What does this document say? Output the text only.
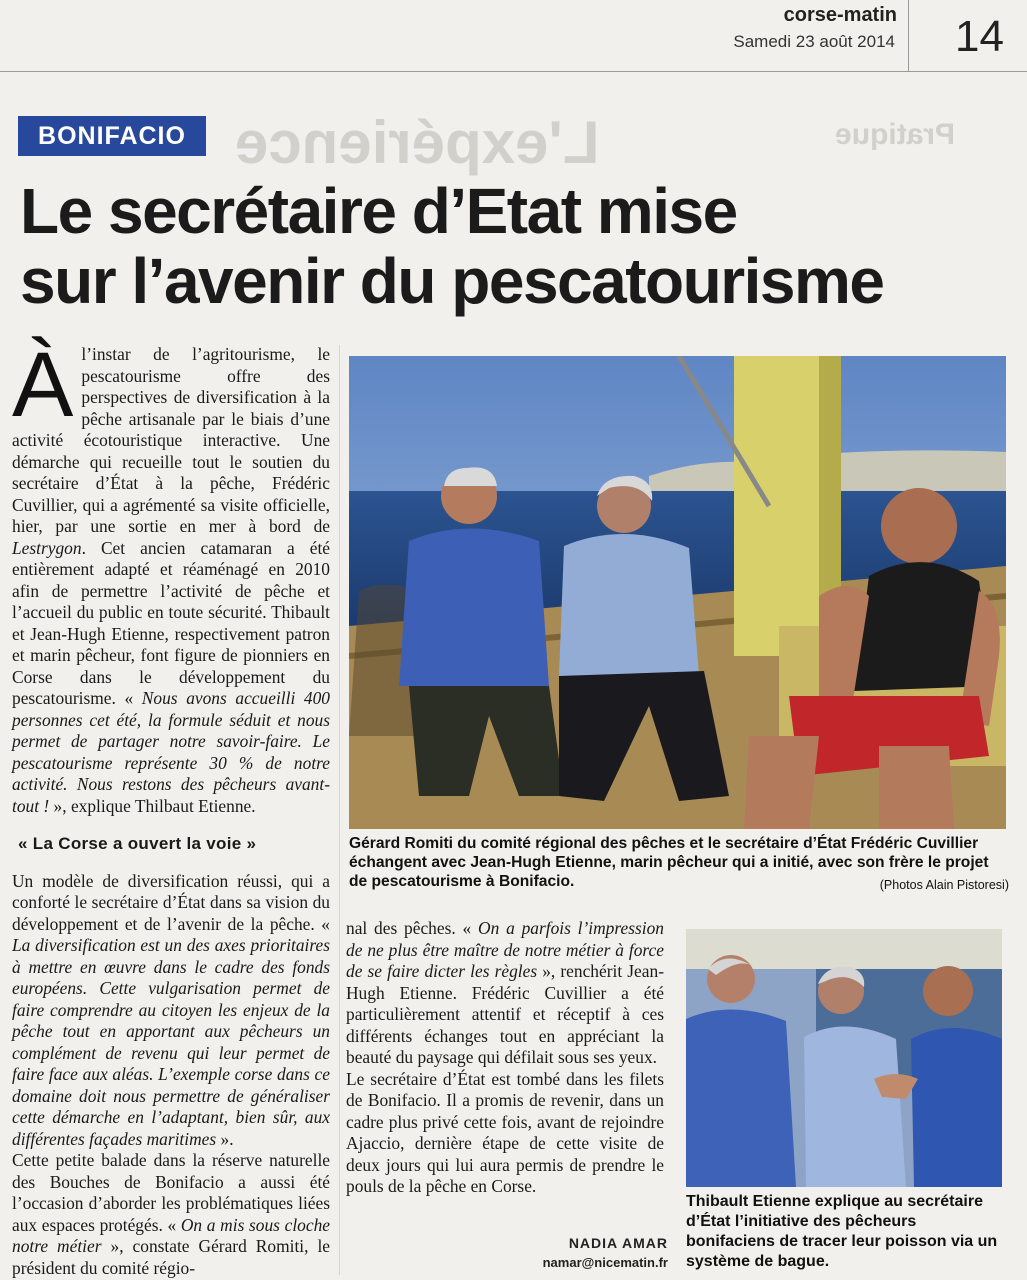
corse-matin
Samedi 23 août 2014 14
L'expérience	Pratique
BONIFACIO
Le secrétaire d’Etat mise
sur l’avenir du pescatourisme

Àl’instar de l’agritourisme, le pescatourisme offre des perspectives de diversification à la pêche artisanale par le biais d’une activité écotouristique interactive. Une démarche qui recueille tout le soutien du secrétaire d’État à la pêche, Frédéric Cuvillier, qui a agrémenté sa visite officielle, hier, par une sortie en mer à bord de Lestrygon. Cet ancien catamaran a été entièrement adapté et réaménagé en 2010 afin de permettre l’activité de pêche et l’accueil du public en toute sécurité. Thibault et Jean-Hugh Etienne, respectivement patron et marin pêcheur, font figure de pionniers en Corse dans le développement du pescatourisme. « Nous avons accueilli 400 personnes cet été, la formule séduit et nous permet de partager notre savoir-faire. Le pescatourisme représente 30 % de notre activité. Nous restons des pêcheurs avant-tout ! », explique Thilbaut Etienne.

« La Corse a ouvert la voie »

Un modèle de diversification réussi, qui a conforté le secrétaire d’État dans sa vision du développement et de l’avenir de la pêche. « La diversification est un des axes prioritaires à mettre en œuvre dans le cadre des fonds européens. Cette vulgarisation permet de faire comprendre au citoyen les enjeux de la pêche tout en apportant aux pêcheurs un complément de revenu qui leur permet de faire face aux aléas. L’exemple corse dans ce domaine doit nous permettre de généraliser cette démarche en l’adaptant, bien sûr, aux différentes façades maritimes ».

Cette petite balade dans la réserve naturelle des Bouches de Bonifacio a aussi été l’occasion d’aborder les problématiques liées aux espaces protégés. « On a mis sous cloche notre métier », constate Gérard Romiti, le président du comité régio-

Gérard Romiti du comité régional des pêches et le secrétaire d’État Frédéric Cuvillier échangent avec Jean-Hugh Etienne, marin pêcheur qui a initié, avec son frère le projet de pescatourisme à Bonifacio.	(Photos Alain Pistoresi)

nal des pêches. « On a parfois l’impression de ne plus être maître de notre métier à force de se faire dicter les règles », renchérit Jean-Hugh Etienne. Frédéric Cuvillier a été particulièrement attentif et réceptif à ces différents échanges tout en appréciant la beauté du paysage qui défilait sous ses yeux.

Le secrétaire d’État est tombé dans les filets de Bonifacio. Il a promis de revenir, dans un cadre plus privé cette fois, avant de rejoindre Ajaccio, dernière étape de cette visite de deux jours qui lui aura permis de prendre le pouls de la pêche en Corse.

Thibault Etienne explique au secrétaire d’État l’initiative des pêcheurs bonifaciens de tracer leur poisson via un système de bague.
NADIA AMAR
namar@nicematin.fr
